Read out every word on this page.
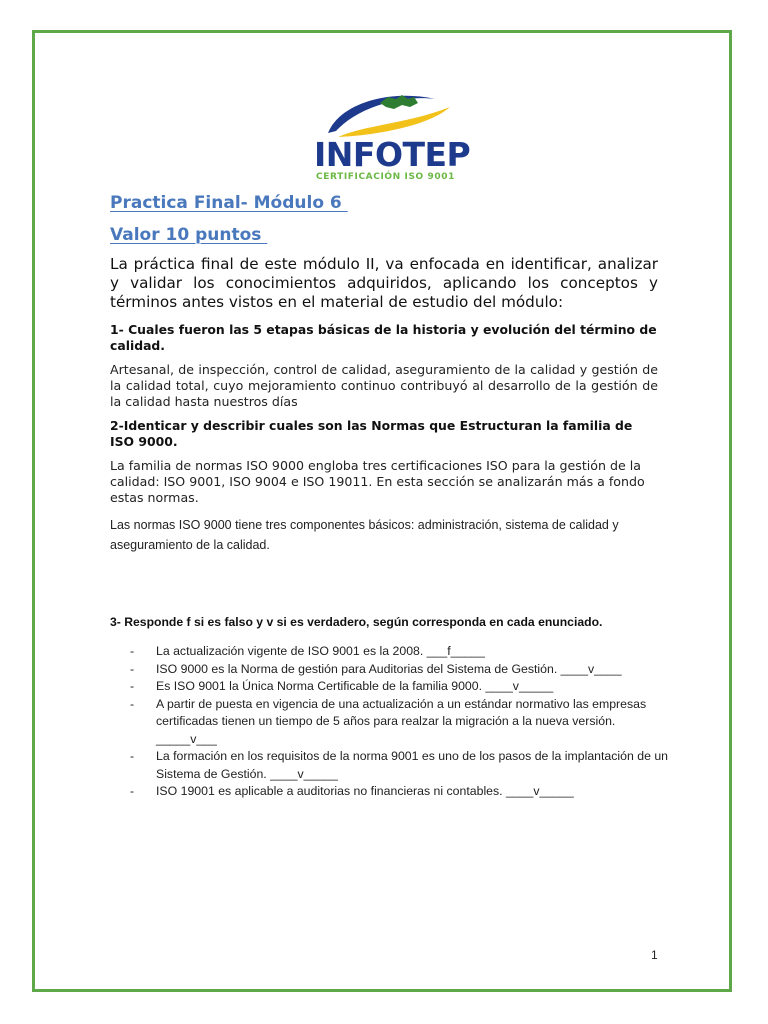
INFOTEP
CERTIFICACIÓN ISO 9001
Practica Final- Módulo 6
Valor 10 puntos
La práctica final de este módulo II, va enfocada en identificar, analizar y validar los conocimientos adquiridos, aplicando los conceptos y términos antes vistos en el material de estudio del módulo:
1- Cuales fueron las 5 etapas básicas de la historia y evolución del término de calidad.
Artesanal, de inspección, control de calidad, aseguramiento de la calidad y gestión de la calidad total, cuyo mejoramiento continuo contribuyó al desarrollo de la gestión de la calidad hasta nuestros días
2-Identicar y describir cuales son las Normas que Estructuran la familia de ISO 9000.
La familia de normas ISO 9000 engloba tres certificaciones ISO para la gestión de la calidad: ISO 9001, ISO 9004 e ISO 19011. En esta sección se analizarán más a fondo estas normas.
Las normas ISO 9000 tiene tres componentes básicos: administración, sistema de calidad y aseguramiento de la calidad.
3- Responde f si es falso y v si es verdadero, según corresponda en cada enunciado.
- La actualización vigente de ISO 9001 es la 2008. ___f_____
- ISO 9000 es la Norma de gestión para Auditorias del Sistema de Gestión. ____v____
- Es ISO 9001 la Única Norma Certificable de la familia 9000. ____v_____
- A partir de puesta en vigencia de una actualización a un estándar normativo las empresas certificadas tienen un tiempo de 5 años para realzar la migración a la nueva versión. _____v___
- La formación en los requisitos de la norma 9001 es uno de los pasos de la implantación de un Sistema de Gestión. ____v_____
- ISO 19001 es aplicable a auditorias no financieras ni contables. ____v_____
1
